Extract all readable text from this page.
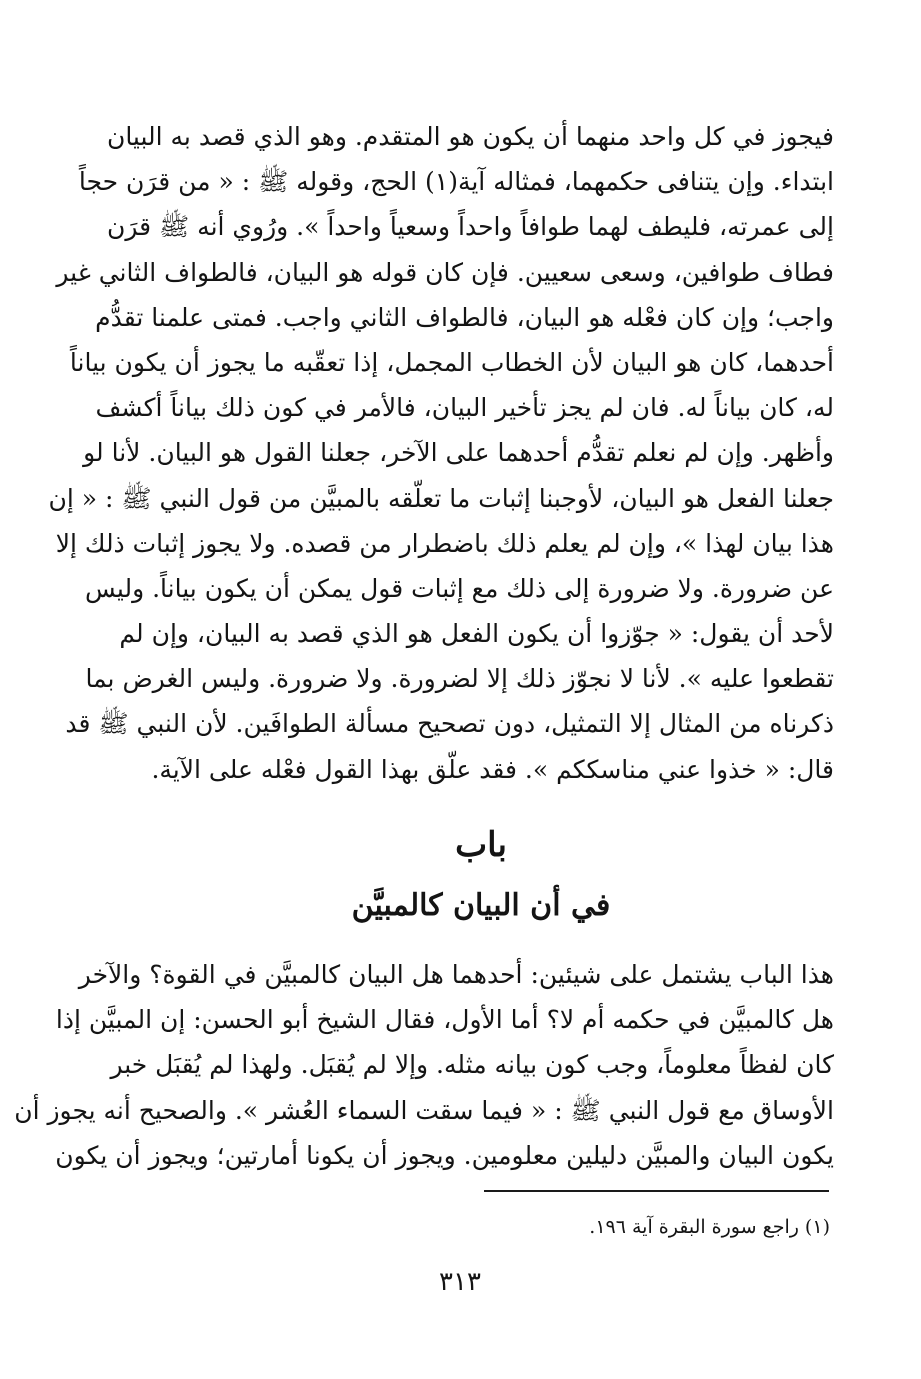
فيجوز في كل واحد منهما أن يكون هو المتقدم. وهو الذي قصد به البيان
ابتداء. وإن يتنافى حكمهما، فمثاله آية(١) الحج، وقوله ﷺ : « من قرَن حجاً
إلى عمرته، فليطف لهما طوافاً واحداً وسعياً واحداً ». ورُوي أنه ﷺ قرَن
فطاف طوافين، وسعى سعيين. فإن كان قوله هو البيان، فالطواف الثاني غير
واجب؛ وإن كان فعْله هو البيان، فالطواف الثاني واجب. فمتى علمنا تقدُّم
أحدهما، كان هو البيان لأن الخطاب المجمل، إذا تعقّبه ما يجوز أن يكون بياناً
له، كان بياناً له. فان لم يجز تأخير البيان، فالأمر في كون ذلك بياناً أكشف
وأظهر. وإن لم نعلم تقدُّم أحدهما على الآخر، جعلنا القول هو البيان. لأنا لو
جعلنا الفعل هو البيان، لأوجبنا إثبات ما تعلّقه بالمبيَّن من قول النبي ﷺ : « إن
هذا بيان لهذا »، وإن لم يعلم ذلك باضطرار من قصده. ولا يجوز إثبات ذلك إلا
عن ضرورة. ولا ضرورة إلى ذلك مع إثبات قول يمكن أن يكون بياناً. وليس
لأحد أن يقول: « جوّزوا أن يكون الفعل هو الذي قصد به البيان، وإن لم
تقطعوا عليه ». لأنا لا نجوّز ذلك إلا لضرورة. ولا ضرورة. وليس الغرض بما
ذكرناه من المثال إلا التمثيل، دون تصحيح مسألة الطوافَين. لأن النبي ﷺ قد
قال: « خذوا عني مناسككم ». فقد علّق بهذا القول فعْله على الآية.
باب
في أن البيان كالمبيَّن
هذا الباب يشتمل على شيئين: أحدهما هل البيان كالمبيَّن في القوة؟ والآخر
هل كالمبيَّن في حكمه أم لا؟ أما الأول، فقال الشيخ أبو الحسن: إن المبيَّن إذا
كان لفظاً معلوماً، وجب كون بيانه مثله. وإلا لم يُقبَل. ولهذا لم يُقبَل خبر
الأوساق مع قول النبي ﷺ : « فيما سقت السماء العُشر ». والصحيح أنه يجوز أن
يكون البيان والمبيَّن دليلين معلومين. ويجوز أن يكونا أمارتين؛ ويجوز أن يكون
(١) راجع سورة البقرة آية ١٩٦.
٣١٣
